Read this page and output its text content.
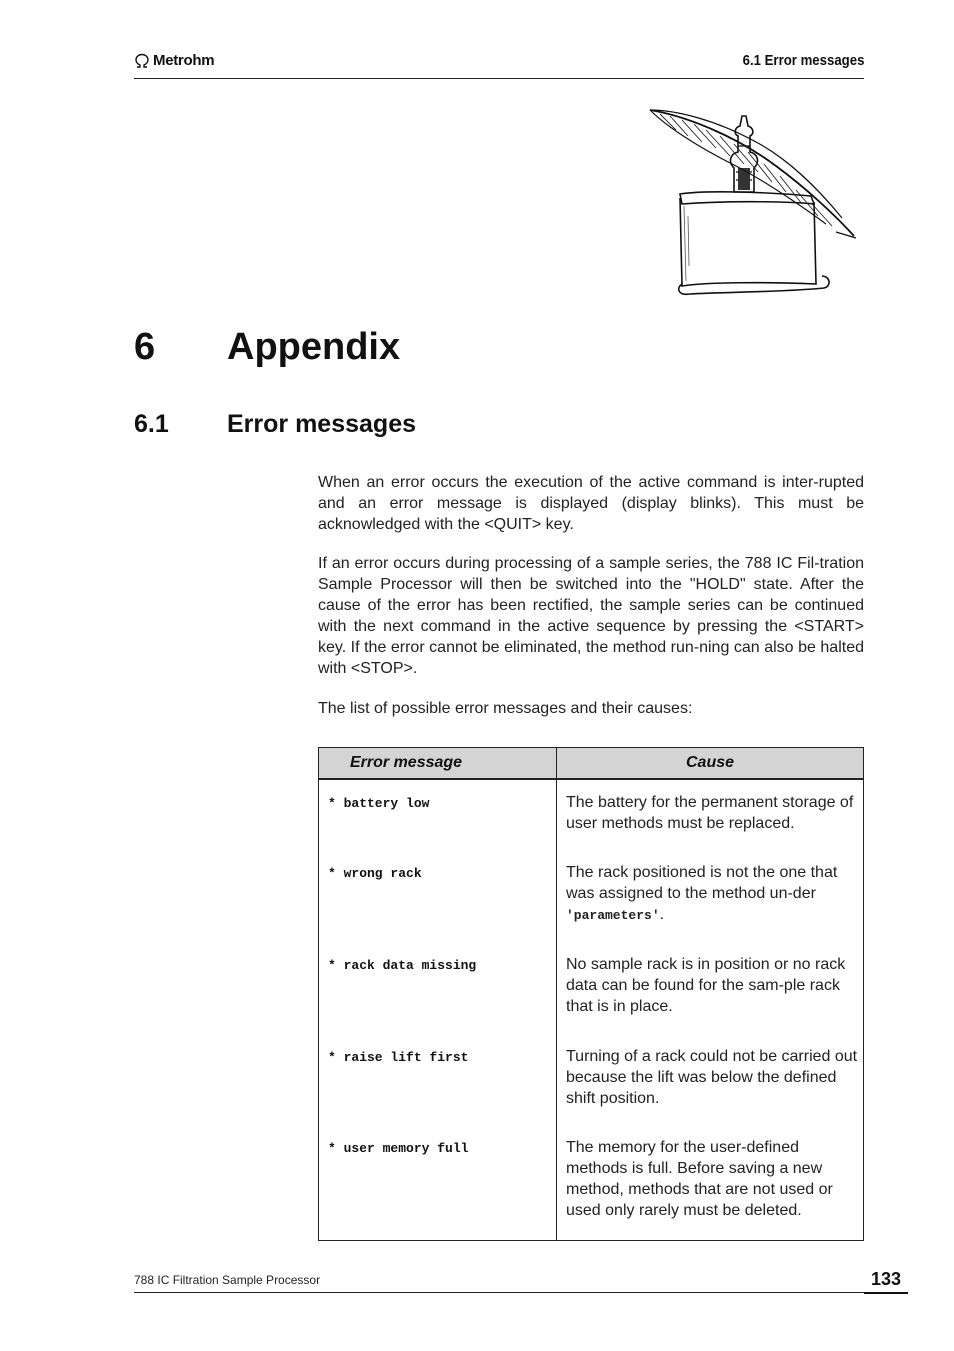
Metrohm	6.1 Error messages
6	Appendix
6.1	Error messages

When an error occurs the execution of the active command is inter-rupted and an error message is displayed (display blinks). This must be acknowledged with the <QUIT> key.

If an error occurs during processing of a sample series, the 788 IC Fil-tration Sample Processor will then be switched into the "HOLD" state. After the cause of the error has been rectified, the sample series can be continued with the next command in the active sequence by pressing the <START> key. If the error cannot be eliminated, the method run-ning can also be halted with <STOP>.

The list of possible error messages and their causes:

Error message	Cause
* battery low	The battery for the permanent storage of user methods must be replaced.
* wrong rack	The rack positioned is not the one that was assigned to the method un-der 'parameters'.
* rack data missing	No sample rack is in position or no rack data can be found for the sam-ple rack that is in place.
* raise lift first	Turning of a rack could not be carried out because the lift was below the defined shift position.
* user memory full	The memory for the user-defined methods is full. Before saving a new method, methods that are not used or used only rarely must be deleted.
788 IC Filtration Sample Processor	133
